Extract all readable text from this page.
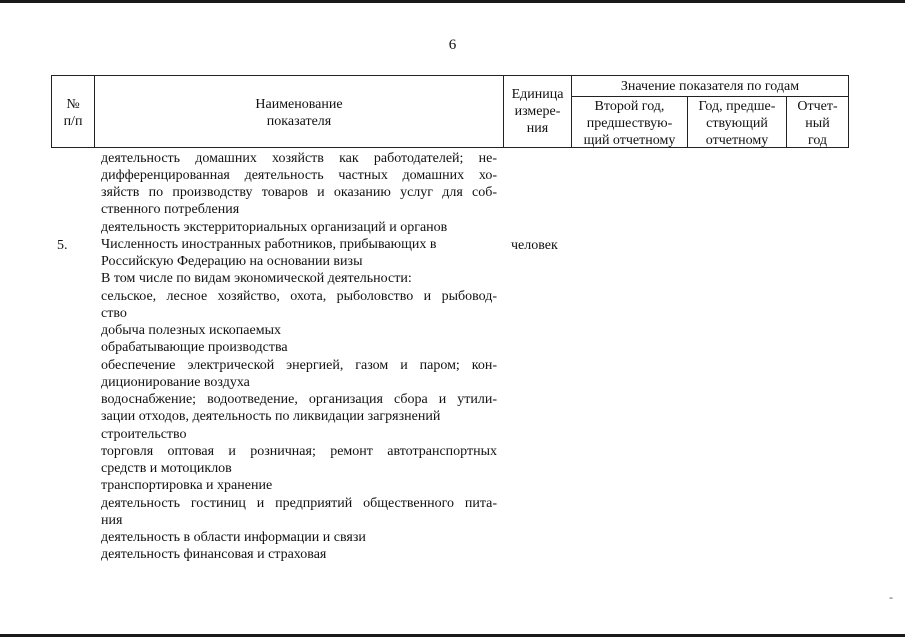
6
№
п/п
Наименование
показателя
Единица
измере-
ния
Значение показателя по годам
Второй год,
предшествую-
щий отчетному
Год, предше-
ствующий
отчетному
Отчет-
ный
год
5.	человек
деятельность домашних хозяйств как работодателей; не-
дифференцированная деятельность частных домашних хо-
зяйств по производству товаров и оказанию услуг для соб-
ственного потребления
деятельность экстерриториальных организаций и органов
Численность иностранных работников, прибывающих в
Российскую Федерацию на основании визы
В том числе по видам экономической деятельности:
сельское, лесное хозяйство, охота, рыболовство и рыбовод-
ство
добыча полезных ископаемых
обрабатывающие производства
обеспечение электрической энергией, газом и паром; кон-
диционирование воздуха
водоснабжение; водоотведение, организация сбора и утили-
зации отходов, деятельность по ликвидации загрязнений
строительство
торговля оптовая и розничная; ремонт автотранспортных
средств и мотоциклов
транспортировка и хранение
деятельность гостиниц и предприятий общественного пита-
ния
деятельность в области информации и связи
деятельность финансовая и страховая
-
